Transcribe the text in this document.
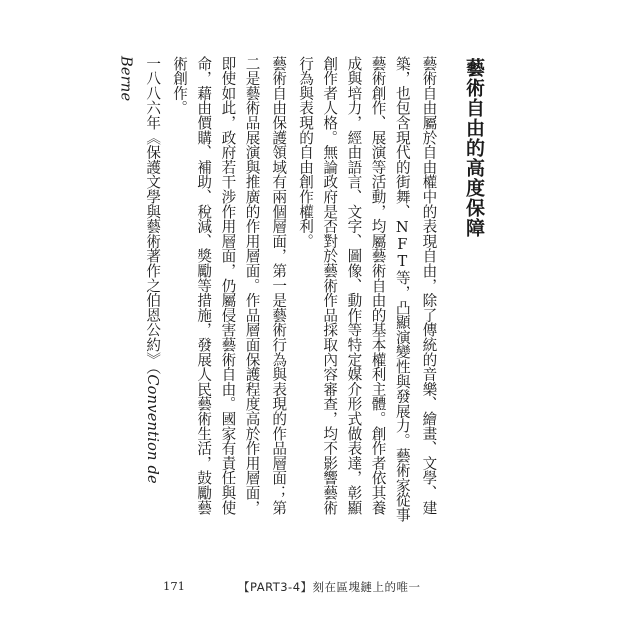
藝術自由的高度保障

藝術自由屬於自由權中的表現自由，除了傳統的音樂、繪畫、文學、建築，也包含現代的街舞、NFT等，凸顯演變性與發展力。藝術家從事藝術創作、展演等活動，均屬藝術自由的基本權利主體。創作者依其養成與培力，經由語言、文字、圖像、動作等特定媒介形式做表達，彰顯創作者人格。無論政府是否對於藝術作品採取內容審查，均不影響藝術行為與表現的自由創作權利。

藝術自由保護領域有兩個層面，第一是藝術行為與表現的作品層面；第二是藝術品展演與推廣的作用層面。作品層面保護程度高於作用層面，即使如此，政府若干涉作用層面，仍屬侵害藝術自由。國家有責任與使命，藉由價購、補助、稅減、獎勵等措施，發展人民藝術生活，鼓勵藝術創作。

一八八六年《保護文學與藝術著作之伯恩公約》（Convention de Berne

171	【PART3-4】刻在區塊鏈上的唯一
